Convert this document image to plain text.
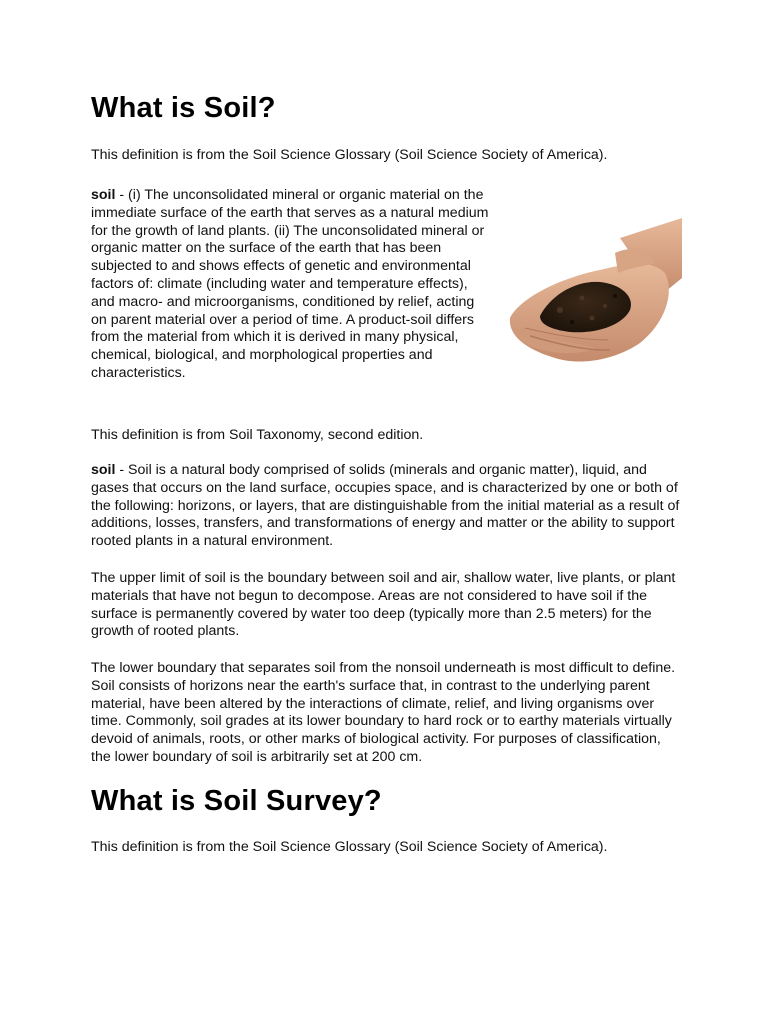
What is Soil?

This definition is from the Soil Science Glossary (Soil Science Society of America).

soil - (i) The unconsolidated mineral or organic material on the immediate surface of the earth that serves as a natural medium for the growth of land plants. (ii) The unconsolidated mineral or organic matter on the surface of the earth that has been subjected to and shows effects of genetic and environmental factors of: climate (including water and temperature effects), and macro- and microorganisms, conditioned by relief, acting on parent material over a period of time. A product-soil differs from the material from which it is derived in many physical, chemical, biological, and morphological properties and characteristics.

This definition is from Soil Taxonomy, second edition.

soil - Soil is a natural body comprised of solids (minerals and organic matter), liquid, and gases that occurs on the land surface, occupies space, and is characterized by one or both of the following: horizons, or layers, that are distinguishable from the initial material as a result of additions, losses, transfers, and transformations of energy and matter or the ability to support rooted plants in a natural environment.

The upper limit of soil is the boundary between soil and air, shallow water, live plants, or plant materials that have not begun to decompose. Areas are not considered to have soil if the surface is permanently covered by water too deep (typically more than 2.5 meters) for the growth of rooted plants.

The lower boundary that separates soil from the nonsoil underneath is most difficult to define. Soil consists of horizons near the earth's surface that, in contrast to the underlying parent material, have been altered by the interactions of climate, relief, and living organisms over time. Commonly, soil grades at its lower boundary to hard rock or to earthy materials virtually devoid of animals, roots, or other marks of biological activity. For purposes of classification, the lower boundary of soil is arbitrarily set at 200 cm.

What is Soil Survey?

This definition is from the Soil Science Glossary (Soil Science Society of America).
